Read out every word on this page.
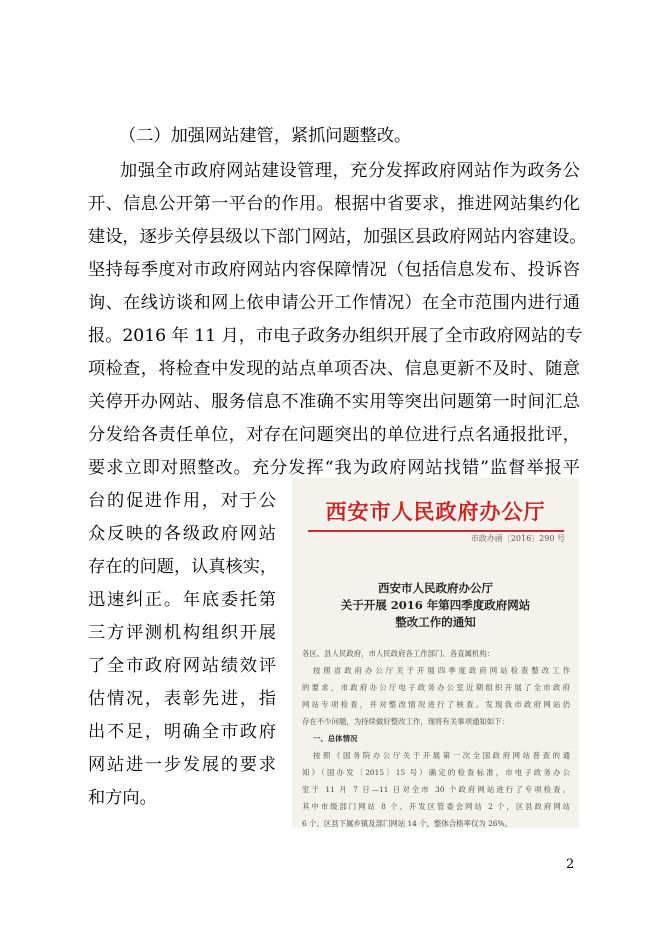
（二）加强网站建管，紧抓问题整改。
加强全市政府网站建设管理，充分发挥政府网站作为政务公
开、信息公开第一平台的作用。根据中省要求，推进网站集约化
建设，逐步关停县级以下部门网站，加强区县政府网站内容建设。
坚持每季度对市政府网站内容保障情况（包括信息发布、投诉咨
询、在线访谈和网上依申请公开工作情况）在全市范围内进行通
报。2016 年 11 月，市电子政务办组织开展了全市政府网站的专
项检查，将检查中发现的站点单项否决、信息更新不及时、随意
关停开办网站、服务信息不准确不实用等突出问题第一时间汇总
分发给各责任单位，对存在问题突出的单位进行点名通报批评，
要求立即对照整改。充分发挥“我为政府网站找错”监督举报平
台的促进作用，对于公
众反映的各级政府网站
存在的问题，认真核实，
迅速纠正。年底委托第
三方评测机构组织开展
了全市政府网站绩效评
估情况，表彰先进，指
出不足，明确全市政府
网站进一步发展的要求
和方向。
西安市人民政府办公厅
市政办函〔2016〕290 号
西安市人民政府办公厅
关于开展 2016 年第四季度政府网站
整改工作的通知
各区、县人民政府，市人民政府各工作部门、各直属机构：
按照省政府办公厅关于开展四季度政府网站检查整改工作
的要求，市政府办公厅电子政务办公室近期组织开展了全市政府
网站专项检查，并对整改情况进行了核查。发现我市政府网站仍
存在不少问题，为持续做好整改工作，现将有关事项通知如下：
一、总体情况
按照《国务院办公厅关于开展第一次全国政府网站普查的通
知》（国办发〔2015〕15 号）确定的检查标准，市电子政务办公
室于 11 月 7 日—11 日对全市 30 个政府网站进行了专项检查。
其中市级部门网站 8 个、开发区管委会网站 2 个，区县政府网站
6 个、区县下属乡镇及部门网站 14 个，整体合格率仅为 26%。
2
